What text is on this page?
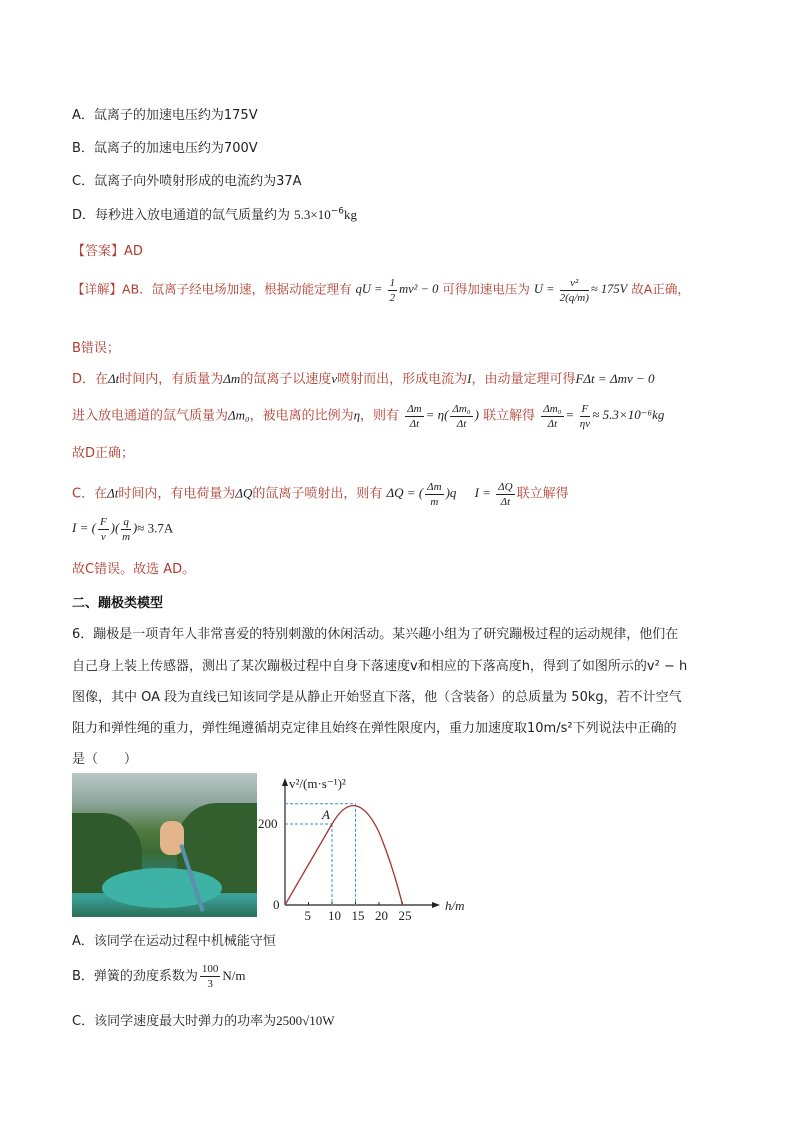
A．氙离子的加速电压约为175V
B．氙离子的加速电压约为700V
C．氙离子向外喷射形成的电流约为37A
D．每秒进入放电通道的氙气质量约为 $5.3\times 10^{-6}kg$
【答案】AD
【详解】AB．氙离子经电场加速，根据动能定理有 qU = $\frac{1}{2} mv^2 - 0$ 可得加速电压为 $U = \frac{\text{v²}}{2(q/m)} \approx 175V$ 故A正确，
B错误；
D．在Δt时间内，有质量为Δm的氙离子以速度v喷射而出，形成电流为I，由动量定理可得FΔt = Δmv − 0
进入放电通道的氙气质量为Δm₀，被电离的比例为η，则有 $\frac{\Delta m}{\Delta t} = \eta( \frac{\text{Δm₀}}{\Delta t}$ ) 联立解得 $\frac{\text{Δm₀}}{\Delta t} = \frac{F}{\eta v} \approx 5.3\times 10^{-6}kg$
故D正确；
C．在Δt时间内，有电荷量为ΔQ的氙离子喷射出，则有 ΔQ = ( $\frac{\Delta m}{m} )q$ $I = \frac{\Delta Q}{\Delta t}$ 联立解得
I = ( $\frac{F}{v}$ )( $\frac{q}{m}$ )≈ 3.7A
故C错误。故选 AD。
二、蹦极类模型
6．蹦极是一项青年人非常喜爱的特别刺激的休闲活动。某兴趣小组为了研究蹦极过程的运动规律，他们在
自己身上装上传感器，测出了某次蹦极过程中自身下落速度v和相应的下落高度h，得到了如图所示的v² − h
图像，其中 OA 段为直线已知该同学是从静止开始竖直下落，他（含装备）的总质量为 50kg，若不计空气
阻力和弹性绳的重力，弹性绳遵循胡克定律且始终在弹性限度内，重力加速度取10m/s²下列说法中正确的
是（　　）
v²/(m·s⁻¹)²
h/m
0
5 10 15 20 25
200
A
A．该同学在运动过程中机械能守恒
B．弹簧的劲度系数为 $\frac{100}{3} N/m$
C．该同学速度最大时弹力的功率为2500√10W
